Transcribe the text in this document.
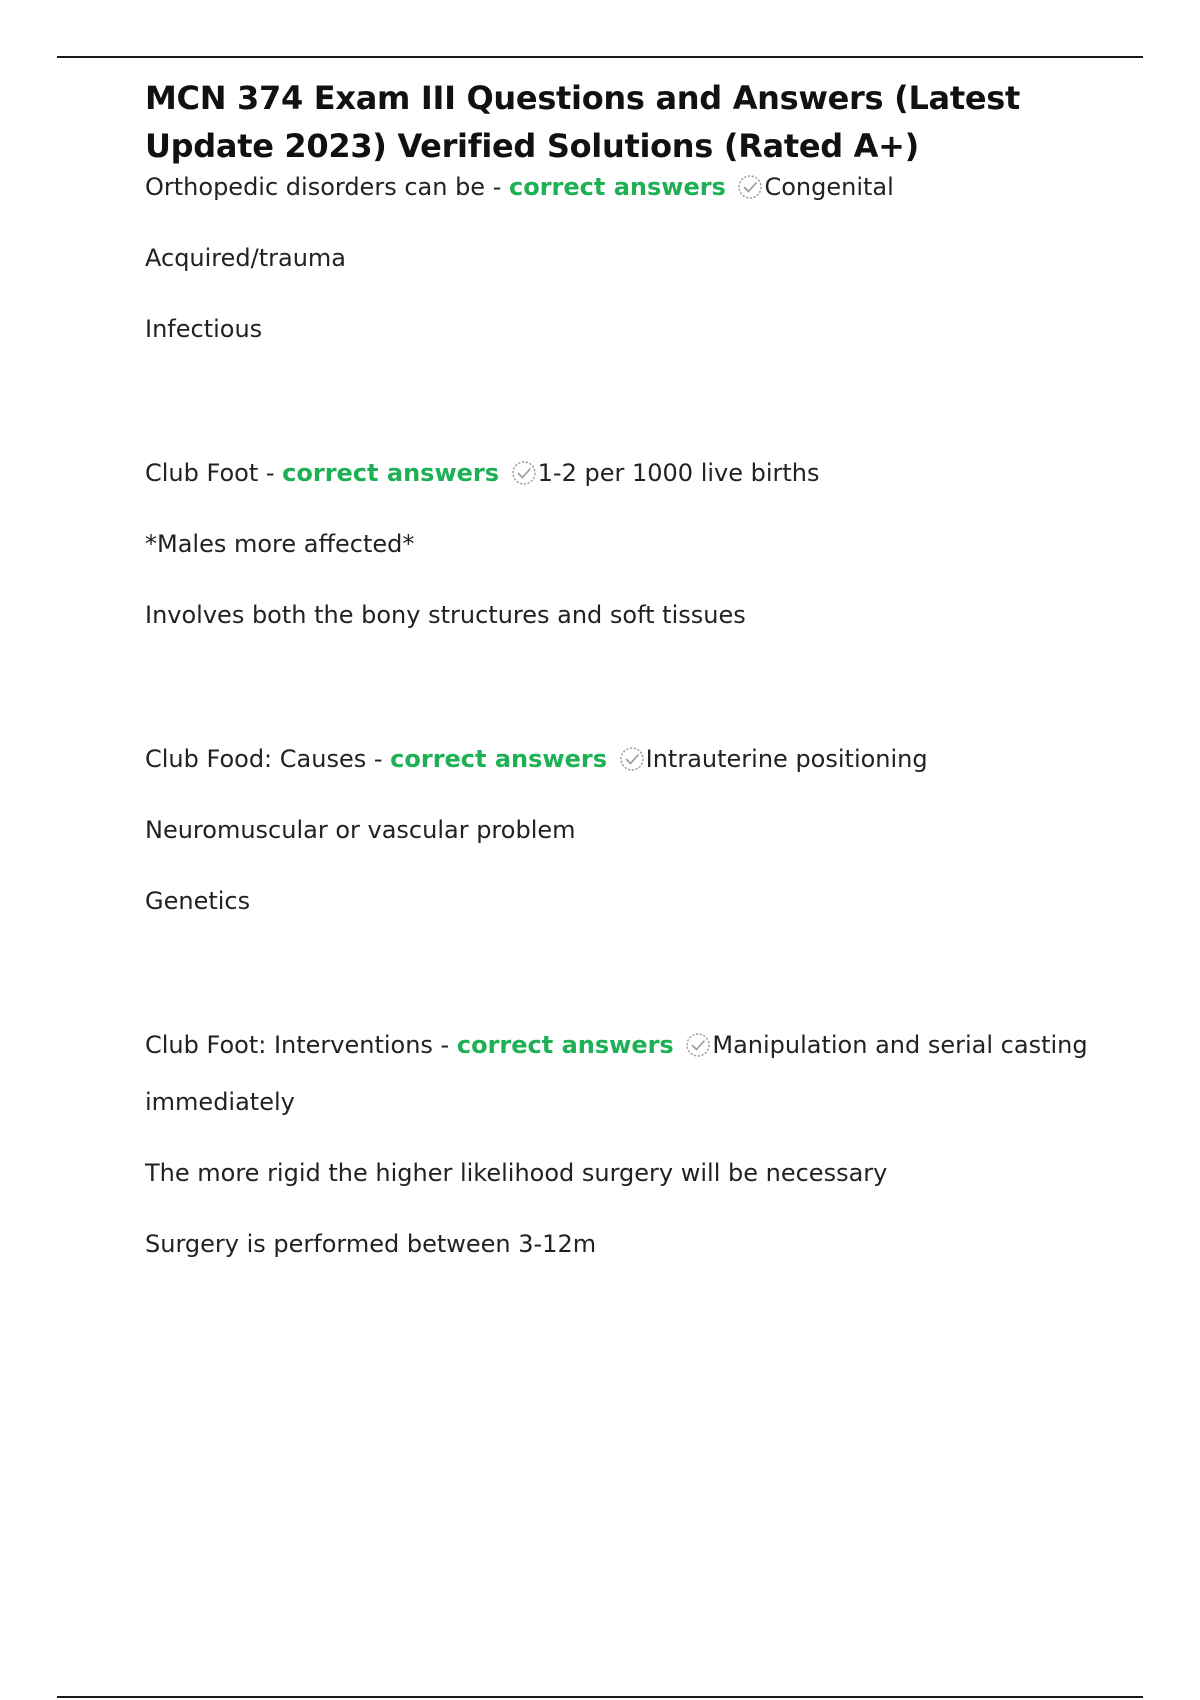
MCN 374 Exam III Questions and Answers (Latest Update 2023) Verified Solutions (Rated A+)

Orthopedic disorders can be - correct answers Congenital

Acquired/trauma

Infectious

Club Foot - correct answers 1-2 per 1000 live births

*Males more affected*

Involves both the bony structures and soft tissues

Club Food: Causes - correct answers Intrauterine positioning

Neuromuscular or vascular problem

Genetics

Club Foot: Interventions - correct answers Manipulation and serial casting immediately

The more rigid the higher likelihood surgery will be necessary

Surgery is performed between 3-12m
